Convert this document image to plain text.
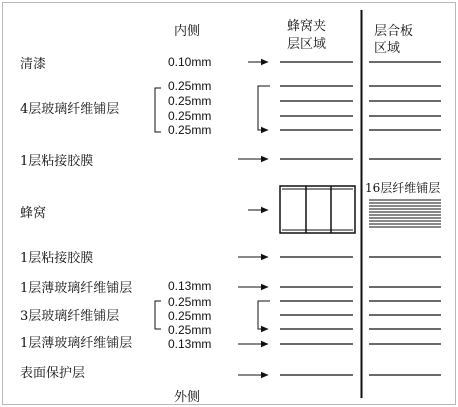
内侧	蜂窝夹
层区域
层合板
区域
清漆
4层玻璃纤维铺层
1层粘接胶膜
蜂窝
1层粘接胶膜
1层薄玻璃纤维铺层
3层玻璃纤维铺层
1层薄玻璃纤维铺层
表面保护层
0.10mm
0.25mm
0.25mm
0.25mm
0.25mm
0.13mm
0.25mm
0.25mm
0.25mm
0.13mm
16层纤维铺层
外侧
